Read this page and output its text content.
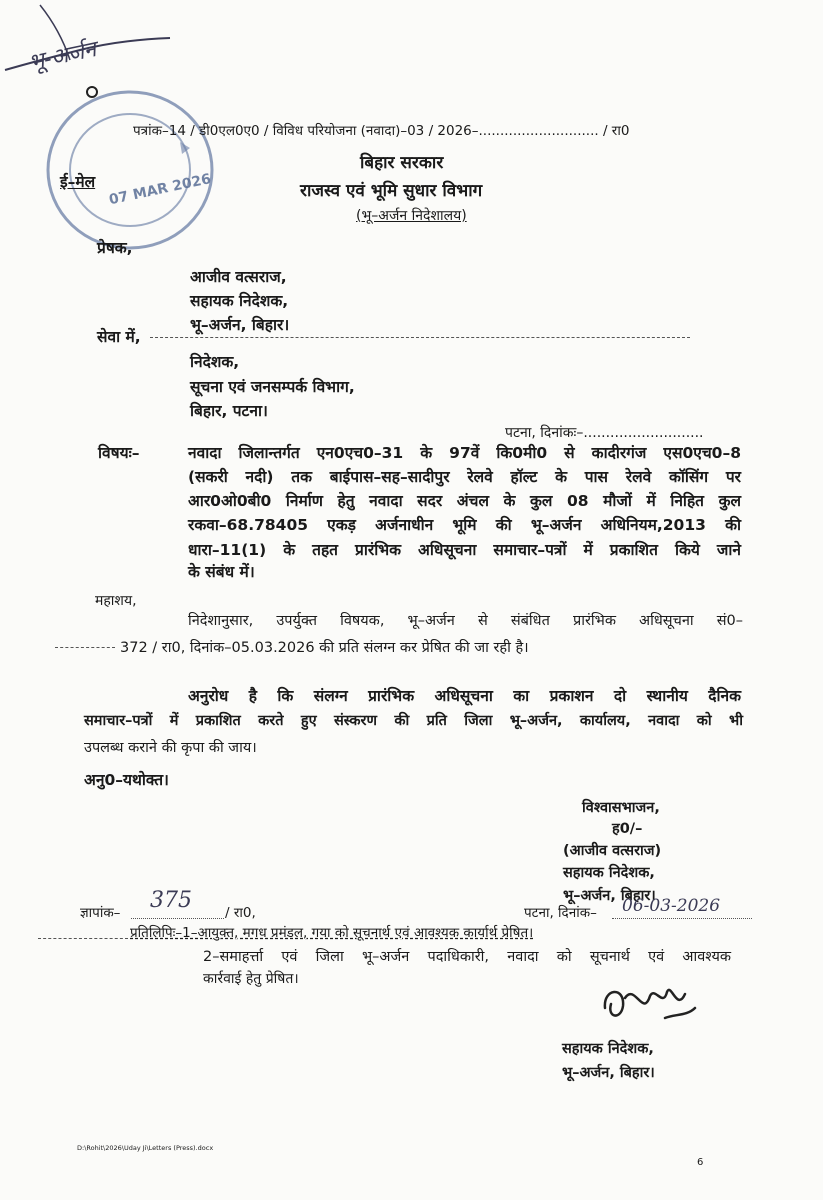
भू-अर्जन
07 MAR 2026
पत्रांक–14 / डी0एल0ए0 / विविध परियोजना (नवादा)–03 / 2026–............................ / रा0
बिहार सरकार
राजस्व एवं भूमि सुधार विभाग
(भू–अर्जन निदेशालय)
ई–मेल
प्रेषक,
आजीव वत्सराज,
सहायक निदेशक,
भू–अर्जन, बिहार।
सेवा में,
निदेशक,
सूचना एवं जनसम्पर्क विभाग,
बिहार, पटना।
पटना, दिनांकः–...........................
विषयः–	नवादा जिलान्तर्गत एन0एच0–31 के 97वें कि0मी0 से कादीरगंज एस0एच0–8
(सकरी नदी) तक बाईपास–सह–सादीपुर रेलवे हॉल्ट के पास रेलवे कॉसिंग पर
आर0ओ0बी0 निर्माण हेतु नवादा सदर अंचल के कुल 08 मौजों में निहित कुल
रकवा–68.78405 एकड़ अर्जनाधीन भूमि की भू–अर्जन अधिनियम,2013 की
धारा–11(1) के तहत प्रारंभिक अधिसूचना समाचार–पत्रों में प्रकाशित किये जाने
के संबंध में।
महाशय,
निदेशानुसार, उपर्युक्त विषयक, भू–अर्जन से संबंधित प्रारंभिक अधिसूचना सं0–
372 / रा0, दिनांक–05.03.2026 की प्रति संलग्न कर प्रेषित की जा रही है।
अनुरोध है कि संलग्न प्रारंभिक अधिसूचना का प्रकाशन दो स्थानीय दैनिक
समाचार–पत्रों में प्रकाशित करते हुए संस्करण की प्रति जिला भू–अर्जन, कार्यालय, नवादा को भी
उपलब्ध कराने की कृपा की जाय।
अनु0–यथोक्त।
विश्वासभाजन,
ह0/–
(आजीव वत्सराज)
सहायक निदेशक,
भू–अर्जन, बिहार।
ज्ञापांक– 375 / रा0,	पटना, दिनांक– 06-03-2026
प्रतिलिपिः–1–आयुक्त, मगध प्रमंडल, गया को सूचनार्थ एवं आवश्यक कार्यार्थ प्रेषित।
2–समाहर्त्ता एवं जिला भू–अर्जन पदाधिकारी, नवादा को सूचनार्थ एवं आवश्यक
कार्रवाई हेतु प्रेषित।
सहायक निदेशक,
भू–अर्जन, बिहार।
D:\Rohit\2026\Uday Ji\Letters (Press).docx
6
